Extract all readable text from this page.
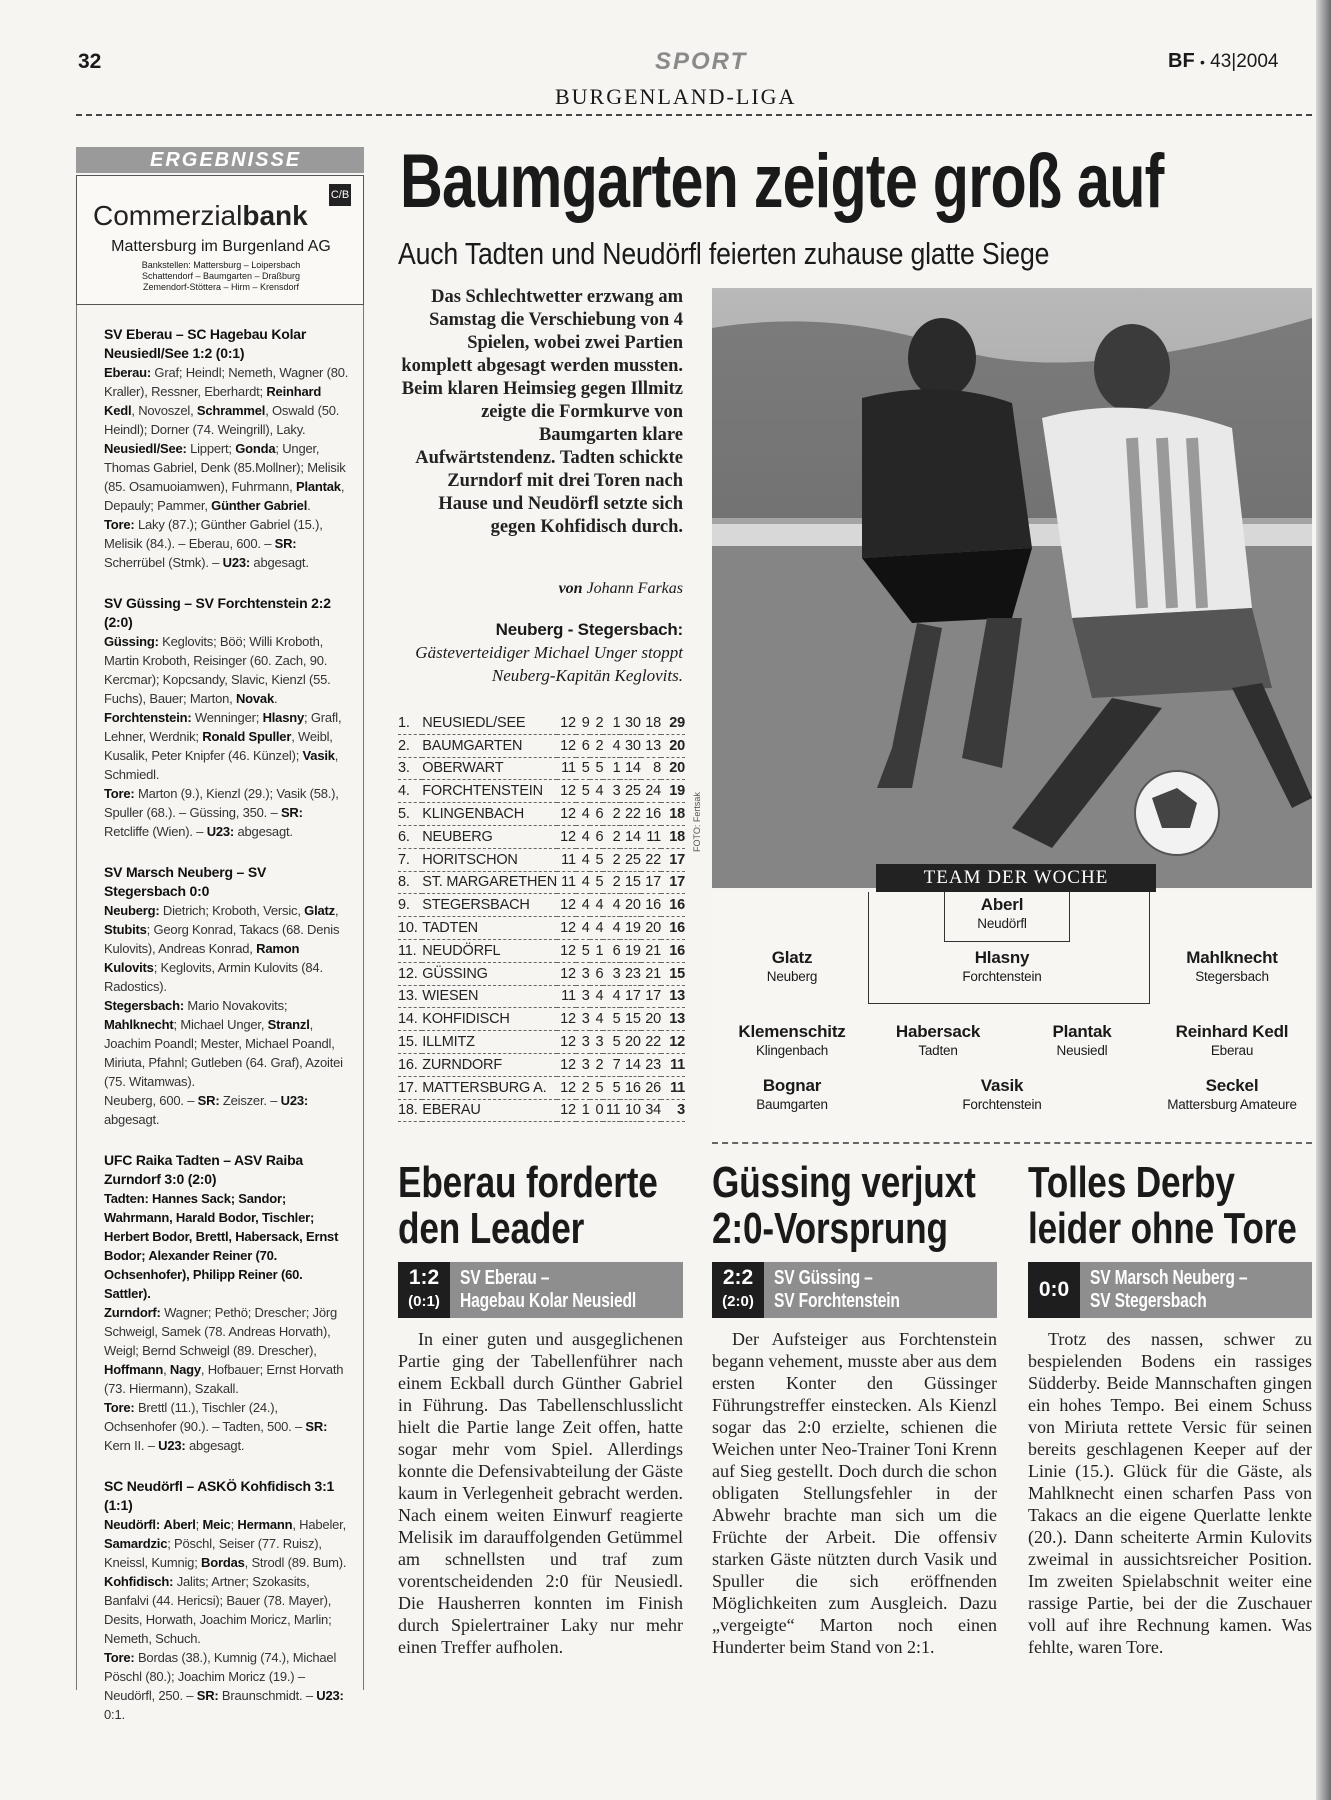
32	SPORT	BF • 43|2004
BURGENLAND-LIGA
ERGEBNISSE
Commerzialbank
C/B
Mattersburg im Burgenland AG
Bankstellen: Mattersburg – Loipersbach
Schattendorf – Baumgarten – Draßburg
Zemendorf-Stöttera – Hirm – Krensdorf
SV Eberau – SC Hagebau Kolar Neusiedl/See 1:2 (0:1)

Eberau: Graf; Heindl; Nemeth, Wagner (80. Kraller), Ressner, Eberhardt; Reinhard Kedl, Novoszel, Schrammel, Oswald (50. Heindl); Dorner (74. Weingrill), Laky.

Neusiedl/See: Lippert; Gonda; Unger, Thomas Gabriel, Denk (85.Mollner); Melisik (85. Osamuoiamwen), Fuhrmann, Plantak, Depauly; Pammer, Günther Gabriel.

Tore: Laky (87.); Günther Gabriel (15.), Melisik (84.). – Eberau, 600. – SR: Scherrübel (Stmk). – U23: abgesagt.

SV Güssing – SV Forchtenstein 2:2 (2:0)

Güssing: Keglovits; Böö; Willi Kroboth, Martin Kroboth, Reisinger (60. Zach, 90. Kercmar); Kopcsandy, Slavic, Kienzl (55. Fuchs), Bauer; Marton, Novak.

Forchtenstein: Wenninger; Hlasny; Grafl, Lehner, Werdnik; Ronald Spuller, Weibl, Kusalik, Peter Knipfer (46. Künzel); Vasik, Schmiedl.

Tore: Marton (9.), Kienzl (29.); Vasik (58.), Spuller (68.). – Güssing, 350. – SR: Retcliffe (Wien). – U23: abgesagt.

SV Marsch Neuberg – SV Stegersbach 0:0

Neuberg: Dietrich; Kroboth, Versic, Glatz, Stubits; Georg Konrad, Takacs (68. Denis Kulovits), Andreas Konrad, Ramon Kulovits; Keglovits, Armin Kulovits (84. Radostics).

Stegersbach: Mario Novakovits; Mahlknecht; Michael Unger, Stranzl, Joachim Poandl; Mester, Michael Poandl, Miriuta, Pfahnl; Gutleben (64. Graf), Azoitei (75. Witamwas).

Neuberg, 600. – SR: Zeiszer. – U23: abgesagt.

UFC Raika Tadten – ASV Raiba Zurndorf 3:0 (2:0)

Tadten: Hannes Sack; Sandor; Wahrmann, Harald Bodor, Tischler; Herbert Bodor, Brettl, Habersack, Ernst Bodor; Alexander Reiner (70. Ochsenhofer), Philipp Reiner (60. Sattler).

Zurndorf: Wagner; Pethö; Drescher; Jörg Schweigl, Samek (78. Andreas Horvath), Weigl; Bernd Schweigl (89. Drescher), Hoffmann, Nagy, Hofbauer; Ernst Horvath (73. Hiermann), Szakall.

Tore: Brettl (11.), Tischler (24.), Ochsenhofer (90.). – Tadten, 500. – SR: Kern II. – U23: abgesagt.

SC Neudörfl – ASKÖ Kohfidisch 3:1 (1:1)

Neudörfl: Aberl; Meic; Hermann, Habeler, Samardzic; Pöschl, Seiser (77. Ruisz), Kneissl, Kumnig; Bordas, Strodl (89. Bum).

Kohfidisch: Jalits; Artner; Szokasits, Banfalvi (44. Hericsi); Bauer (78. Mayer), Desits, Horwath, Joachim Moricz, Marlin; Nemeth, Schuch.

Tore: Bordas (38.), Kumnig (74.), Michael Pöschl (80.); Joachim Moricz (19.) – Neudörfl, 250. – SR: Braunschmidt. – U23: 0:1.

Baumgarten zeigte groß auf
Auch Tadten und Neudörfl feierten zuhause glatte Siege
Das Schlechtwetter erzwang am Samstag die Verschiebung von 4 Spielen, wobei zwei Partien komplett abgesagt werden mussten. Beim klaren Heimsieg gegen Illmitz zeigte die Formkurve von Baumgarten klare Aufwärtstendenz. Tadten schickte Zurndorf mit drei Toren nach Hause und Neudörfl setzte sich gegen Kohfidisch durch.
von Johann Farkas
Neuberg - Stegersbach: Gästeverteidiger Michael Unger stoppt Neuberg-Kapitän Keglovits.
1.	NEUSIEDL/SEE	12	9	2	1	30	18	29
2.	BAUMGARTEN	12	6	2	4	30	13	20
3.	OBERWART	11	5	5	1	14	8	20
4.	FORCHTENSTEIN	12	5	4	3	25	24	19
5.	KLINGENBACH	12	4	6	2	22	16	18
6.	NEUBERG	12	4	6	2	14	11	18
7.	HORITSCHON	11	4	5	2	25	22	17
8.	ST. MARGARETHEN	11	4	5	2	15	17	17
9.	STEGERSBACH	12	4	4	4	20	16	16
10.	TADTEN	12	4	4	4	19	20	16
11.	NEUDÖRFL	12	5	1	6	19	21	16
12.	GÜSSING	12	3	6	3	23	21	15
13.	WIESEN	11	3	4	4	17	17	13
14.	KOHFIDISCH	12	3	4	5	15	20	13
15.	ILLMITZ	12	3	3	5	20	22	12
16.	ZURNDORF	12	3	2	7	14	23	11
17.	MATTERSBURG A.	12	2	5	5	16	26	11
18.	EBERAU	12	1	0	11	10	34	3
FOTO: Fertsak
TEAM DER WOCHE
Aberl
Neudörfl
Glatz
Neuberg
Hlasny
Forchtenstein
Mahlknecht
Stegersbach
Klemenschitz
Klingenbach
Habersack
Tadten
Plantak
Neusiedl
Reinhard Kedl
Eberau
Bognar
Baumgarten
Vasik
Forchtenstein
Seckel
Mattersburg Amateure
Eberau forderte
den Leader
1:2
(0:1)
SV Eberau –
Hagebau Kolar Neusiedl

In einer guten und ausgeglichenen Partie ging der Tabellenführer nach einem Eckball durch Günther Gabriel in Führung. Das Tabellenschlusslicht hielt die Partie lange Zeit offen, hatte sogar mehr vom Spiel. Allerdings konnte die Defensivabteilung der Gäste kaum in Verlegenheit gebracht werden. Nach einem weiten Einwurf reagierte Melisik im darauffolgenden Getümmel am schnellsten und traf zum vorentscheidenden 2:0 für Neusiedl. Die Hausherren konnten im Finish durch Spielertrainer Laky nur mehr einen Treffer aufholen.

Güssing verjuxt
2:0-Vorsprung
2:2
(2:0)
SV Güssing –
SV Forchtenstein

Der Aufsteiger aus Forchtenstein begann vehement, musste aber aus dem ersten Konter den Güssinger Führungstreffer einstecken. Als Kienzl sogar das 2:0 erzielte, schienen die Weichen unter Neo-Trainer Toni Krenn auf Sieg gestellt. Doch durch die schon obligaten Stellungsfehler in der Abwehr brachte man sich um die Früchte der Arbeit. Die offensiv starken Gäste nützten durch Vasik und Spuller die sich eröffnenden Möglichkeiten zum Ausgleich. Dazu „vergeigte“ Marton noch einen Hunderter beim Stand von 2:1.

Tolles Derby
leider ohne Tore
0:0	SV Marsch Neuberg –
SV Stegersbach

Trotz des nassen, schwer zu bespielenden Bodens ein rassiges Südderby. Beide Mannschaften gingen ein hohes Tempo. Bei einem Schuss von Miriuta rettete Versic für seinen bereits geschlagenen Keeper auf der Linie (15.). Glück für die Gäste, als Mahlknecht einen scharfen Pass von Takacs an die eigene Querlatte lenkte (20.). Dann scheiterte Armin Kulovits zweimal in aussichtsreicher Position. Im zweiten Spielabschnit weiter eine rassige Partie, bei der die Zuschauer voll auf ihre Rechnung kamen. Was fehlte, waren Tore.
